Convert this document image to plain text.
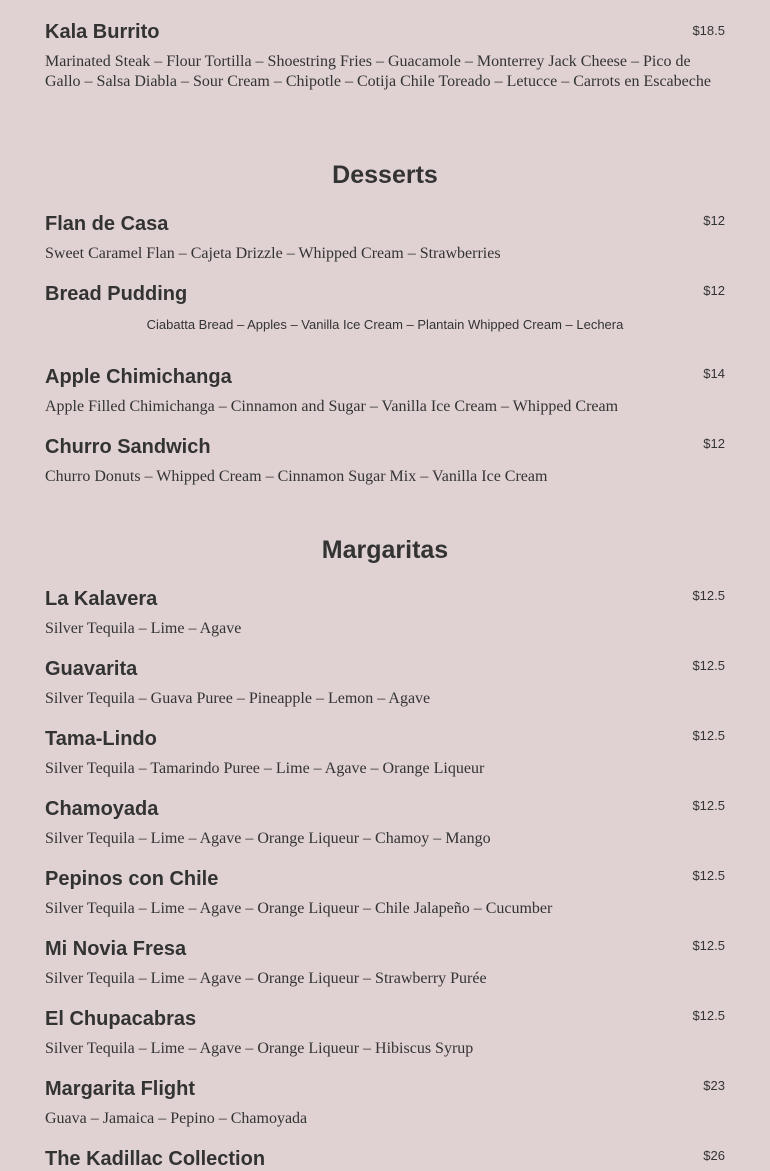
Kala Burrito	$18.5

Marinated Steak – Flour Tortilla – Shoestring Fries – Guacamole – Monterrey Jack Cheese – Pico de Gallo – Salsa Diabla – Sour Cream – Chipotle – Cotija Chile Toreado – Letucce – Carrots en Escabeche

Desserts
Flan de Casa	$12

Sweet Caramel Flan – Cajeta Drizzle – Whipped Cream – Strawberries

Bread Pudding	$12

Ciabatta Bread – Apples – Vanilla Ice Cream – Plantain Whipped Cream – Lechera

Apple Chimichanga	$14

Apple Filled Chimichanga – Cinnamon and Sugar – Vanilla Ice Cream – Whipped Cream

Churro Sandwich	$12

Churro Donuts – Whipped Cream – Cinnamon Sugar Mix – Vanilla Ice Cream

Margaritas
La Kalavera	$12.5

Silver Tequila – Lime – Agave

Guavarita	$12.5

Silver Tequila – Guava Puree – Pineapple – Lemon – Agave

Tama-Lindo	$12.5

Silver Tequila – Tamarindo Puree – Lime – Agave – Orange Liqueur

Chamoyada	$12.5

Silver Tequila – Lime – Agave – Orange Liqueur – Chamoy – Mango

Pepinos con Chile	$12.5

Silver Tequila – Lime – Agave – Orange Liqueur – Chile Jalapeño – Cucumber

Mi Novia Fresa	$12.5

Silver Tequila – Lime – Agave – Orange Liqueur – Strawberry Purée

El Chupacabras	$12.5

Silver Tequila – Lime – Agave – Orange Liqueur – Hibiscus Syrup

Margarita Flight	$23

Guava – Jamaica – Pepino – Chamoyada

The Kadillac Collection	$26
